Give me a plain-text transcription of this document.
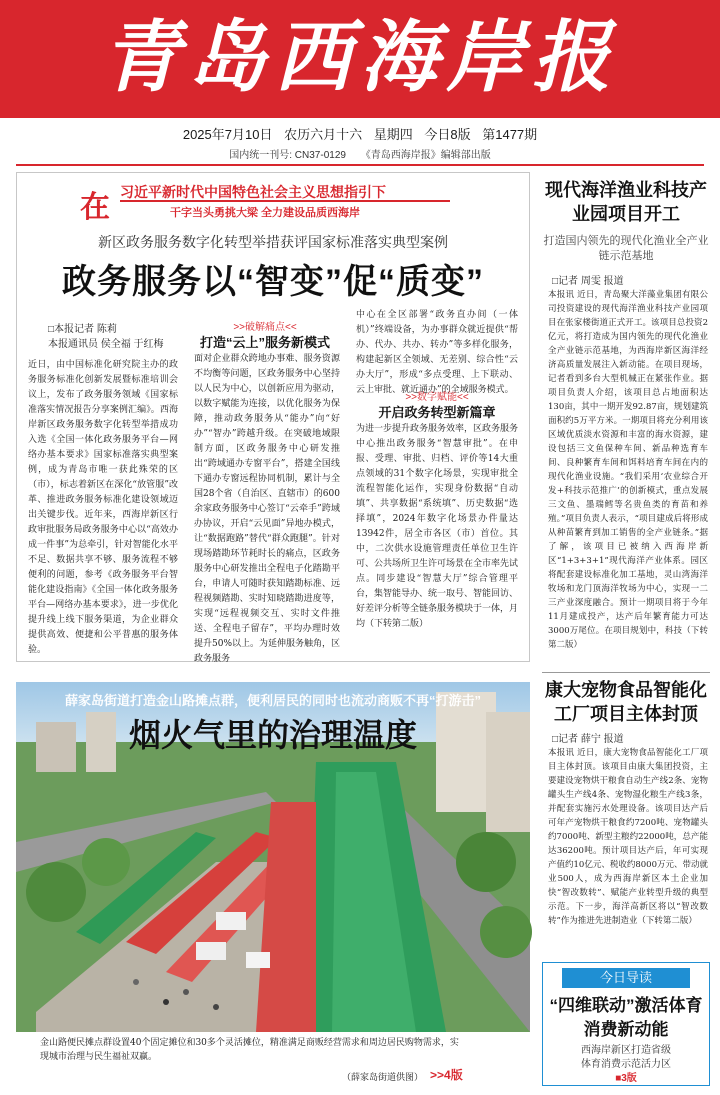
青岛西海岸报
2025年7月10日 农历六月十六 星期四 今日8版 第1477期
国内统一刊号: CN37-0129 《青岛西海岸报》编辑部出版
在 习近平新时代中国特色社会主义思想指引下
干字当头勇挑大梁 全力建设品质西海岸
新区政务服务数字化转型举措获评国家标准落实典型案例
政务服务以“智变”促“质变”
□本报记者 陈莉
本报通讯员 侯全福 于红梅
近日，由中国标准化研究院主办的政务服务标准化创新发展暨标准培训会议上，发布了政务服务领域《国家标准落实情况报告分享案例汇编》。西海岸新区政务服务数字化转型举措成功入选《全国一体化政务服务平台—网络办基本要求》国家标准落实典型案例，成为青岛市唯一获此殊荣的区（市），标志着新区在深化“放管服”改革、推进政务服务标准化建设领域迈出关键步伐。近年来，西海岸新区行政审批服务局政务服务中心以“高效办成一件事”为总牵引，针对智能化水平不足、数据共享不够、服务流程不够便利的问题，参考《政务服务平台智能化建设指南》《全国一体化政务服务平台—网络办基本要求》，进一步优化提升线上线下服务渠道，为企业群众提供高效、便捷和公平普惠的服务体验。
>>破解痛点<<
打造“云上”服务新模式
面对企业群众跨地办事难、服务资源不均衡等问题，区政务服务中心坚持以人民为中心，以创新应用为驱动，以数字赋能为连接，以优化服务为保障，推动政务服务从“能办”向“好办”“智办”跨越升级。在突破地域限制方面，区政务服务中心研发推出“跨域通办专窗平台”，搭建全国线下通办专窗远程协同机制，累计与全国28个省（自治区、直辖市）的600余家政务服务中心签订“云牵手”跨域办协议，开启“云见面”异地办模式，让“数据跑路”替代“群众跑腿”。针对现场踏勘环节耗时长的痛点，区政务服务中心研发推出全程电子化踏勘平台，申请人可随时获知踏勘标准、远程视频踏勘、实时知晓踏勘进度等，实现“远程视频交互、实时文件推送、全程电子留存”，平均办理时效提升50%以上。为延伸服务触角，区政务服务
中心在全区部署“政务直办间（一体机）”终端设备，为办事群众就近提供“帮办、代办、共办、转办”等多样化服务，构建起新区全领域、无差别、综合性“云办大厅”，形成“多点受理、上下联动、云上审批、就近通办”的全域服务模式。
>>数字赋能<<
开启政务转型新篇章
为进一步提升政务服务效率，区政务服务中心推出政务服务“智慧审批”。在申报、受理、审批、归档、评价等14大重点领域的31个数字化场景，实现审批全流程智能化运作，实现身份数据“自动填”、共享数据“系统填”、历史数据“选择填”，2024年数字化场景办件量达13942件，居全市各区（市）首位。其中，二次供水设施管理责任单位卫生许可、公共场所卫生许可场景在全市率先试点。同步建设“智慧大厅”综合管理平台，集智能导办、统一取号、智能回访、好差评分析等全链条服务模块于一体，月均（下转第二版）
薛家岛街道打造金山路摊点群，便利居民的同时也流动商贩不再“打游击”
烟火气里的治理温度
金山路便民摊点群设置40个固定摊位和30多个灵活摊位，精准满足商贩经营需求和周边居民购物需求，实现城市治理与民生福祉双赢。
（薛家岛街道供图） >>4版
现代海洋渔业科技产业园项目开工
打造国内领先的现代化渔业全产业链示范基地
□记者 周雯 报道
本报讯 近日，青岛聚大洋藻业集团有限公司投资建设的现代海洋渔业科技产业园项目在张家楼街道正式开工。该项目总投资2亿元，将打造成为国内领先的现代化渔业全产业链示范基地，为西海岸新区海洋经济高质量发展注入新动能。在项目现场，记者看到多台大型机械正在紧张作业。据项目负责人介绍，该项目总占地面积达130亩，其中一期开发92.87亩，规划建筑面积约5万平方米。一期项目将充分利用该区域优质淡水资源和丰富的海水资源，建设包括三文鱼保种车间、新品种选育车间、良种繁育车间和饵料培育车间在内的现代化渔业设施。“我们采用‘农业综合开发+科技示范推广’的创新模式，重点发展三文鱼、墨瑞鳕等名贵鱼类的育苗和养殖。”项目负责人表示，“项目建成后将形成从种苗繁育到加工销售的全产业链条。”据了解，该项目已被纳入西海岸新区“1+3+3+1”现代海洋产业体系。园区将配套建设标准化加工基地，灵山湾海洋牧场和龙门顶海洋牧场为中心，实现一二三产业深度融合。预计一期项目将于今年11月建成投产，达产后年繁育能力可达3000万尾位。在项目规划中，科技（下转第二版）
康大宠物食品智能化工厂项目主体封顶
□记者 薛宁 报道
本报讯 近日，康大宠物食品智能化工厂项目主体封顶。该项目由康大集团投资，主要建设宠物烘干粮食自动生产线2条、宠物罐头生产线4条、宠物湿化粮生产线3条，并配套实施污水处理设备。该项目达产后可年产宠物烘干粮食约7200吨、宠物罐头约7000吨、新型主粮约22000吨，总产能达36200吨。预计项目达产后，年可实现产值约10亿元、税收约8000万元、带动就业500人，成为西海岸新区本土企业加快“智改数转”、赋能产业转型升级的典型示范。下一步，海洋高新区将以“智改数转”作为推进先进制造业（下转第二版）
今日导读
“四维联动”激活体育消费新动能
西海岸新区打造省级
体育消费示范活力区
■3版
